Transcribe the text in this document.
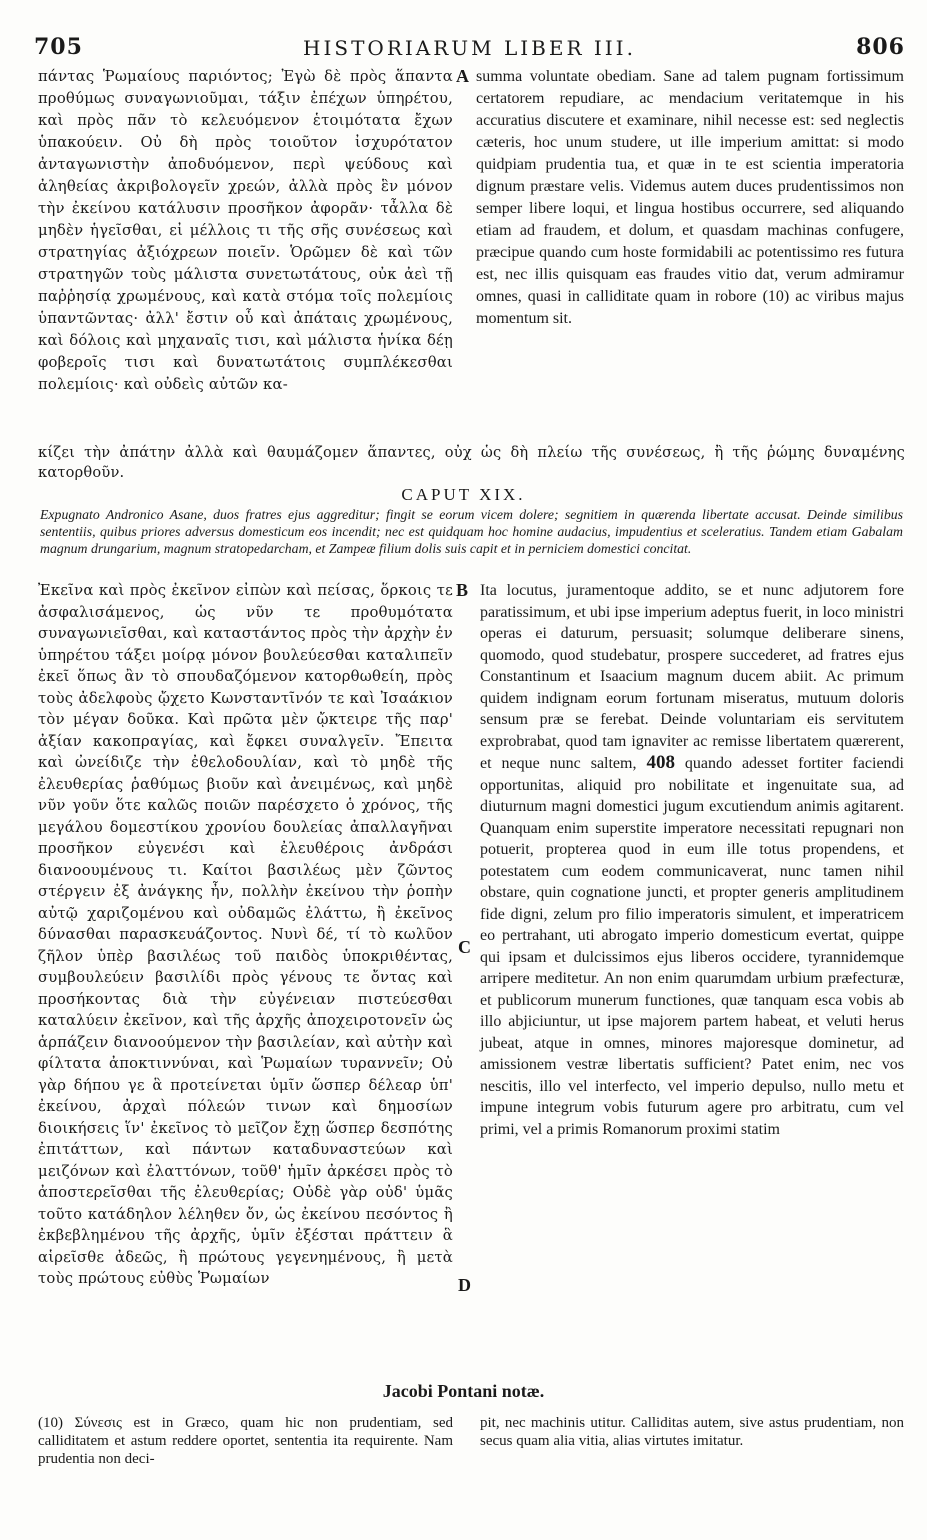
705	HISTORIARUM LIBER III.	806

πάντας Ῥωμαίους παριόντος; Ἐγὼ δὲ πρὸς ἅπαντα προθύμως συναγωνιοῦμαι, τάξιν ἐπέχων ὑπηρέτου, καὶ πρὸς πᾶν τὸ κελευόμενον ἑτοιμότατα ἔχων ὑπακούειν. Οὐ δὴ πρὸς τοιοῦτον ἰσχυρότατον ἀνταγωνιστὴν ἀποδυόμενον, περὶ ψεύδους καὶ ἀληθείας ἀκριβολογεῖν χρεών, ἀλλὰ πρὸς ἓν μόνον τὴν ἐκείνου κατάλυσιν προσῆκον ἀφορᾶν· τἆλλα δὲ μηδὲν ἡγεῖσθαι, εἰ μέλλοις τι τῆς σῆς συνέσεως καὶ στρατηγίας ἀξιόχρεων ποιεῖν. Ὁρῶμεν δὲ καὶ τῶν στρατηγῶν τοὺς μάλιστα συνετωτάτους, οὐκ ἀεὶ τῇ παῤῥησίᾳ χρωμένους, καὶ κατὰ στόμα τοῖς πολεμίοις ὑπαντῶντας· ἀλλ' ἔστιν οὗ καὶ ἀπάταις χρωμένους, καὶ δόλοις καὶ μηχαναῖς τισι, καὶ μάλιστα ἡνίκα δέῃ φοβεροῖς τισι καὶ δυνατωτάτοις συμπλέκεσθαι πολεμίοις· καὶ οὐδεὶς αὐτῶν κα-

A summa voluntate obediam. Sane ad talem pugnam fortissimum certatorem repudiare, ac mendacium veritatemque in his accuratius discutere et examinare, nihil necesse est: sed neglectis cæteris, hoc unum studere, ut ille imperium amittat: si modo quidpiam prudentia tua, et quæ in te est scientia imperatoria dignum præstare velis. Videmus autem duces prudentissimos non semper libere loqui, et lingua hostibus occurrere, sed aliquando etiam ad fraudem, et dolum, et quasdam machinas confugere, præcipue quando cum hoste formidabili ac potentissimo res futura est, nec illis quisquam eas fraudes vitio dat, verum admiramur omnes, quasi in calliditate quam in robore (10) ac viribus majus momentum sit.

κίζει τὴν ἀπάτην ἀλλὰ καὶ θαυμάζομεν ἅπαντες, οὐχ ὡς δὴ πλείω τῆς συνέσεως, ἢ τῆς ῥώμης δυναμένης κατορθοῦν.

CAPUT XIX.
Expugnato Andronico Asane, duos fratres ejus aggreditur; fingit se eorum vicem dolere; segnitiem in quærenda libertate accusat. Deinde similibus sententiis, quibus priores adversus domesticum eos incendit; nec est quidquam hoc homine audacius, impudentius et sceleratius. Tandem etiam Gabalam magnum drungarium, magnum stratopedarcham, et Zampeæ filium dolis suis capit et in perniciem domestici concitat.

Ἐκεῖνα καὶ πρὸς ἐκεῖνον εἰπὼν καὶ πείσας, ὅρκοις τε ἀσφαλισάμενος, ὡς νῦν τε προθυμότατα συναγωνιεῖσθαι, καὶ καταστάντος πρὸς τὴν ἀρχὴν ἐν ὑπηρέτου τάξει μοίρᾳ μόνον βουλεύεσθαι καταλιπεῖν ἐκεῖ ὅπως ἂν τὸ σπουδαζόμενον κατορθωθείη, πρὸς τοὺς ἀδελφοὺς ᾤχετο Κωνσταντῖνόν τε καὶ Ἰσαάκιον τὸν μέγαν δοῦκα. Καὶ πρῶτα μὲν ᾤκτειρε τῆς παρ' ἀξίαν κακοπραγίας, καὶ ἔφκει συναλγεῖν. Ἔπειτα καὶ ὠνείδιζε τὴν ἐθελοδουλίαν, καὶ τὸ μηδὲ τῆς ἐλευθερίας ῥαθύμως βιοῦν καὶ ἀνειμένως, καὶ μηδὲ νῦν γοῦν ὅτε καλῶς ποιῶν παρέσχετο ὁ χρόνος, τῆς μεγάλου δομεστίκου χρονίου δουλείας ἀπαλλαγῆναι προσῆκον εὐγενέσι καὶ ἐλευθέροις ἀνδράσι διανοουμένους τι. Καίτοι βασιλέως μὲν ζῶντος στέργειν ἐξ ἀνάγκης ἦν, πολλὴν ἐκείνου τὴν ῥοπὴν αὐτῷ χαριζομένου καὶ οὐδαμῶς ἐλάττω, ἢ ἐκεῖνος δύνασθαι παρασκευάζοντος. Νυνὶ δέ, τί τὸ κωλῦον ζῆλον ὑπὲρ βασιλέως τοῦ παιδὸς ὑποκριθέντας, συμβουλεύειν βασιλίδι πρὸς γένους τε ὄντας καὶ προσήκοντας διὰ τὴν εὐγένειαν πιστεύεσθαι καταλύειν ἐκεῖνον, καὶ τῆς ἀρχῆς ἀποχειροτονεῖν ὡς ἁρπάζειν διανοούμενον τὴν βασιλείαν, καὶ αὐτὴν καὶ φίλτατα ἀποκτιννύναι, καὶ Ῥωμαίων τυραννεῖν; Οὐ γὰρ δήπου γε ἃ προτείνεται ὑμῖν ὥσπερ δέλεαρ ὑπ' ἐκείνου, ἀρχαὶ πόλεών τινων καὶ δημοσίων διοικήσεις ἵν' ἐκεῖνος τὸ μεῖζον ἔχῃ ὥσπερ δεσπότης ἐπιτάττων, καὶ πάντων καταδυναστεύων καὶ μειζόνων καὶ ἐλαττόνων, τοῦθ' ἡμῖν ἀρκέσει πρὸς τὸ ἀποστερεῖσθαι τῆς ἐλευθερίας; Οὐδὲ γὰρ οὐδ' ὑμᾶς τοῦτο κατάδηλον λέληθεν ὄν, ὡς ἐκείνου πεσόντος ἢ ἐκβεβλημένου τῆς ἀρχῆς, ὑμῖν ἐξέσται πράττειν ἃ αἱρεῖσθε ἀδεῶς, ἢ πρώτους γεγενημένους, ἢ μετὰ τοὺς πρώτους εὐθὺς Ῥωμαίων

B
C
D

Ita locutus, juramentoque addito, se et nunc adjutorem fore paratissimum, et ubi ipse imperium adeptus fuerit, in loco ministri operas ei daturum, persuasit; solumque deliberare sinens, quomodo, quod studebatur, prospere succederet, ad fratres ejus Constantinum et Isaacium magnum ducem abiit. Ac primum quidem indignam eorum fortunam miseratus, mutuum doloris sensum præ se ferebat. Deinde voluntariam eis servitutem exprobrabat, quod tam ignaviter ac remisse libertatem quærerent, et neque nunc saltem, 408 quando adesset fortiter faciendi opportunitas, aliquid pro nobilitate et ingenuitate sua, ad diuturnum magni domestici jugum excutiendum animis agitarent. Quanquam enim superstite imperatore necessitati repugnari non potuerit, propterea quod in eum ille totus propendens, et potestatem cum eodem communicaverat, nunc tamen nihil obstare, quin cognatione juncti, et propter generis amplitudinem fide digni, zelum pro filio imperatoris simulent, et imperatricem eo pertrahant, uti abrogato imperio domesticum evertat, quippe qui ipsam et dulcissimos ejus liberos occidere, tyrannidemque arripere meditetur. An non enim quarumdam urbium præfecturæ, et publicorum munerum functiones, quæ tanquam esca vobis ab illo abjiciuntur, ut ipse majorem partem habeat, et veluti herus jubeat, atque in omnes, minores majoresque dominetur, ad amissionem vestræ libertatis sufficient? Patet enim, nec vos nescitis, illo vel interfecto, vel imperio depulso, nullo metu et impune integrum vobis futurum agere pro arbitratu, cum vel primi, vel a primis Romanorum proximi statim

Jacobi Pontani notæ.

(10) Σύνεσις est in Græco, quam hic non prudentiam, sed calliditatem et astum reddere oportet, sententia ita requirente. Nam prudentia non deci-

pit, nec machinis utitur. Calliditas autem, sive astus prudentiam, non secus quam alia vitia, alias virtutes imitatur.
